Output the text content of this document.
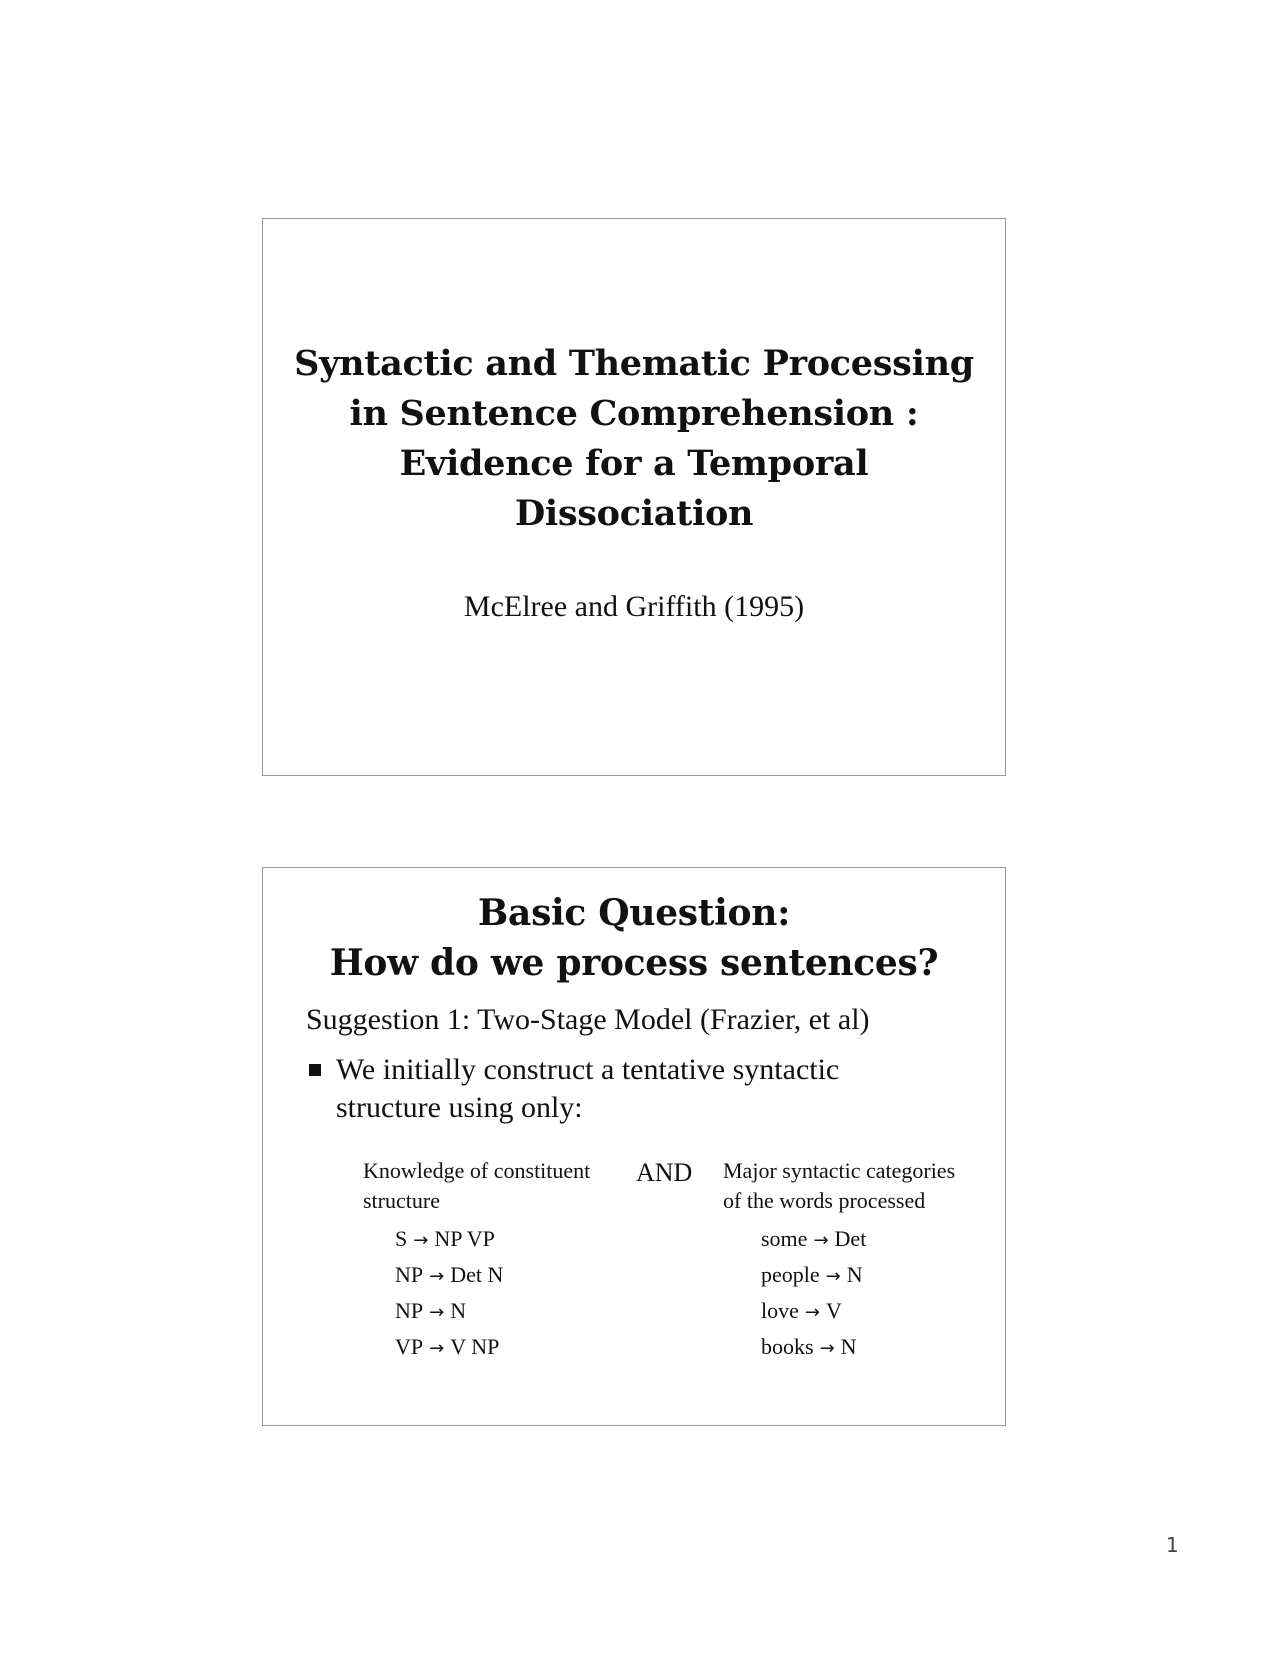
Syntactic and Thematic Processing
in Sentence Comprehension :
Evidence for a Temporal
Dissociation
McElree and Griffith (1995)
Basic Question:
How do we process sentences?
Suggestion 1: Two-Stage Model (Frazier, et al)
We initially construct a tentative syntactic
structure using only:
Knowledge of constituent
structure
S → NP VP
NP → Det N
NP → N
VP → V NP
AND Major syntactic categories
of the words processed
some → Det
people → N
love → V
books → N
1
